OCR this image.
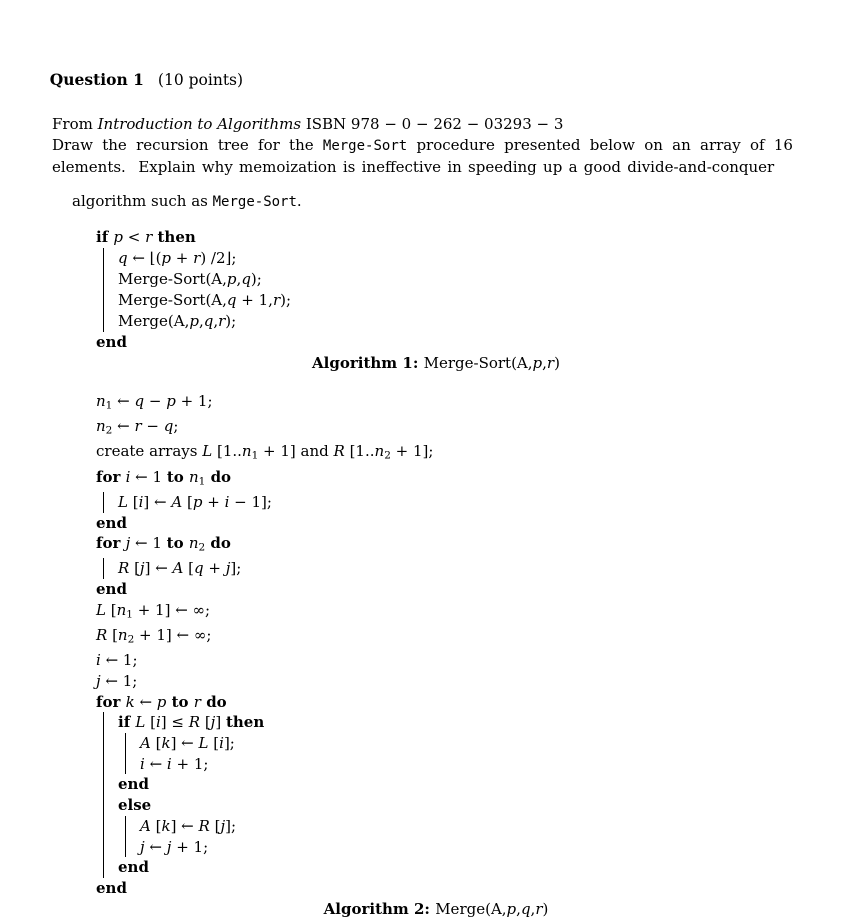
Question 1 (10 points)

From Introduction to Algorithms ISBN 978 − 0 − 262 − 03293 − 3
Draw the recursion tree for the Merge-Sort procedure presented below on an array of 16
elements.  Explain why memoization is ineffective in speeding up a good divide-and-conquer
algorithm such as Merge-Sort.
if p < r then
q ← ⌊(p + r) /2⌋;
Merge-Sort(A,p,q);
Merge-Sort(A,q + 1,r);
Merge(A,p,q,r);
end
Algorithm 1: Merge-Sort(A,p,r)
n1 ← q − p + 1;
n2 ← r − q;
create arrays L [1..n1 + 1] and R [1..n2 + 1];
for i ← 1 to n1 do
L [i] ← A [p + i − 1];
end
for j ← 1 to n2 do
R [j] ← A [q + j];
end
L [n1 + 1] ← ∞;
R [n2 + 1] ← ∞;
i ← 1;
j ← 1;
for k ← p to r do
if L [i] ≤ R [j] then
A [k] ← L [i];
i ← i + 1;
end
else
A [k] ← R [j];
j ← j + 1;
end
end
Algorithm 2: Merge(A,p,q,r)
